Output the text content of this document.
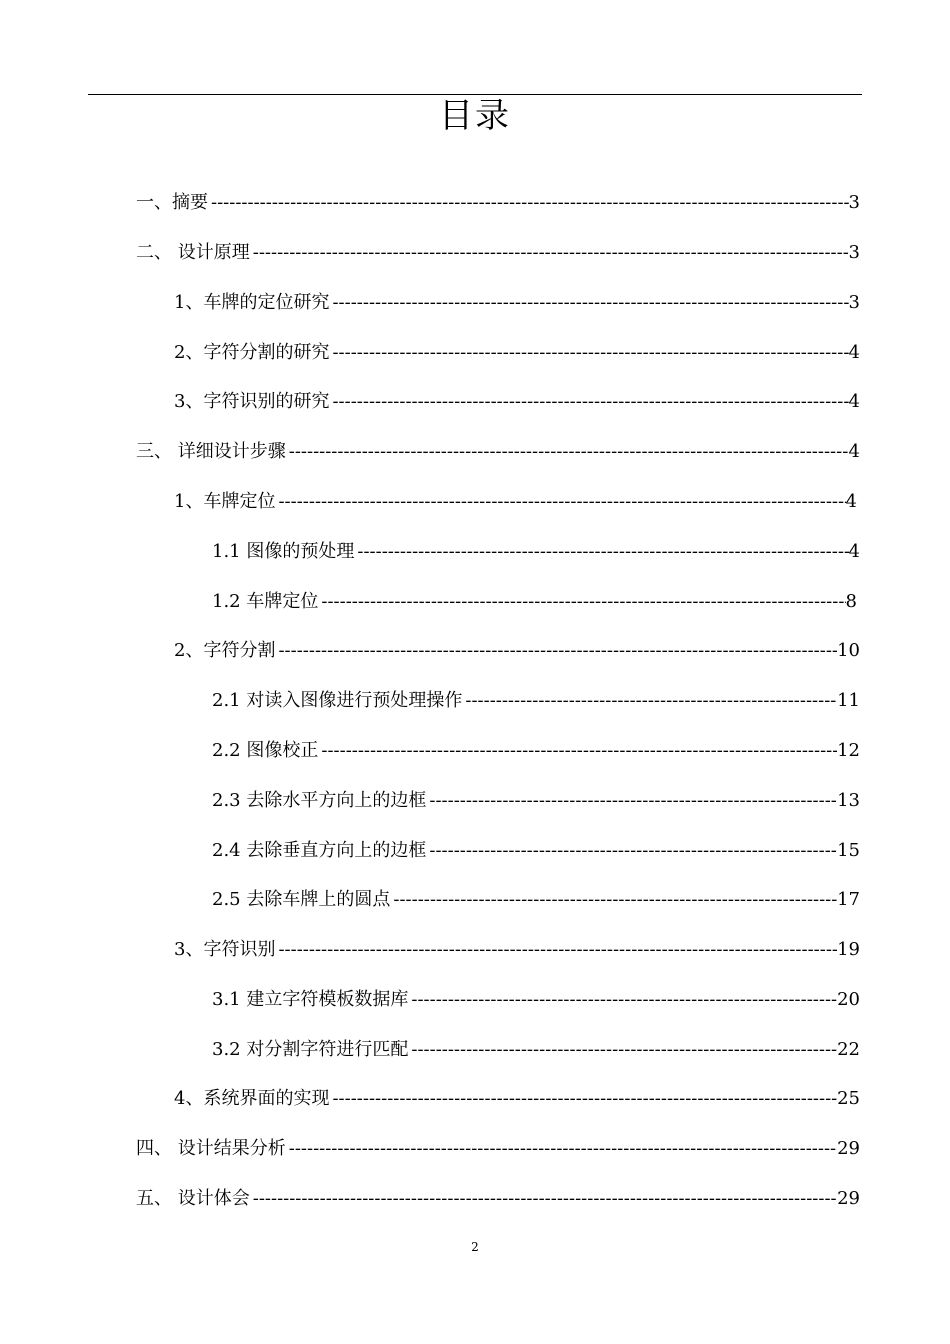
目录
一、摘要 -----	3
二、 设计原理 -----	3
1、车牌的定位研究 -----	3
2、字符分割的研究 -----	4
3、字符识别的研究 -----	4
三、 详细设计步骤 -----	4
1、车牌定位 -----	4
1.1 图像的预处理 -----	4
1.2 车牌定位 -----	8
2、字符分割 -----	10
2.1 对读入图像进行预处理操作 -----	11
2.2 图像校正 -----	12
2.3 去除水平方向上的边框 -----	13
2.4 去除垂直方向上的边框 -----	15
2.5 去除车牌上的圆点 -----	17
3、字符识别 -----	19
3.1 建立字符模板数据库 -----	20
3.2 对分割字符进行匹配 -----	22
4、系统界面的实现 -----	25
四、 设计结果分析 -----	29
五、 设计体会 -----	29
2
